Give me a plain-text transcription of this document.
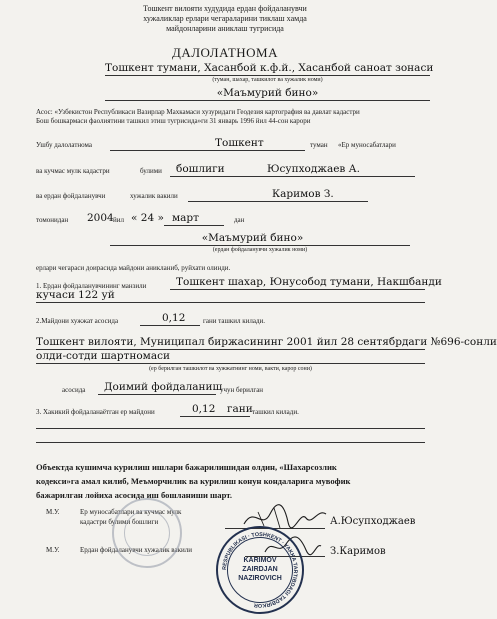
Тошкент вилояти худудида ердан фойдаланувчи
хужаликлар ерлари чегараларини тиклаш хамда
майдонларини аниклаш тугрисида
ДАЛОЛАТНОМА
Тошкент тумани, Хасанбой к.ф.й., Хасанбой саноат зонаси
(туман, шахар, ташкилот ва хужалик номи)
«Маъмурий бино»
Асос: «Узбекистон Республикаси Вазирлар Махкамаси хузуридаги Геодезия картография ва давлат кадастри
Бош бошкармаси фаолиятини ташкил этиш тугрисида»ги 31 январь 1996 йил 44-сон карори
Ушбу далолатнома	Тошкент	туман «Ер муносабатлари
ва кучмас мулк кадастри	булими бошлиги	Юсупходжаев А.
ва ердан фойдаланувчи	хужалик вакили	Каримов З.
томонидан 2004 йил « 24 » март	дан
«Маъмурий бино»
(ердан фойдаланувчи хужалик номи)
ерлари чегараси доирасида майдони аникланиб, руйхати олинди.
1. Ердан фойдаланувчининг манзили	Тошкент шахар, Юнусобод тумани, Накшбанди
кучаси 122 уй
2.Майдони хужжат асосида	0,12	гани ташкил килади.
Тошкент вилояти, Муниципал биржасининг 2001 йил 28 сентябрдаги №696-сонли
олди-сотди шартномаси
(ер берилган ташкилот ва хужжатнинг номи, вакти, карор сони)
асосида Доимий фойдаланиш
учун берилган
3. Хакикий фойдаланаётган ер майдони	0,12 гани ташкил килади.
Объектда кушимча курилиш ишлари бажарилишидан олдин, «Шахарсозлик
кодекси»га амал килиб, Меъморчилик ва курилиш конун кондаларига мувофик
бажарилган лойиха асосида иш бошланиши шарт.
М.У.	Ер муносабатлари ва кучмас мулк
кадастри булими бошлиги	А.Юсупходжаев
М.У.	Ердан фойдаланувчи хужалик вакили	З.Каримов
RESPUBLIKASI · TOSHKENT · YAKKA TARTIBDAGI TADBIRKOR
KARIMOV
ZAIRDJAN
NAZIROVICH
